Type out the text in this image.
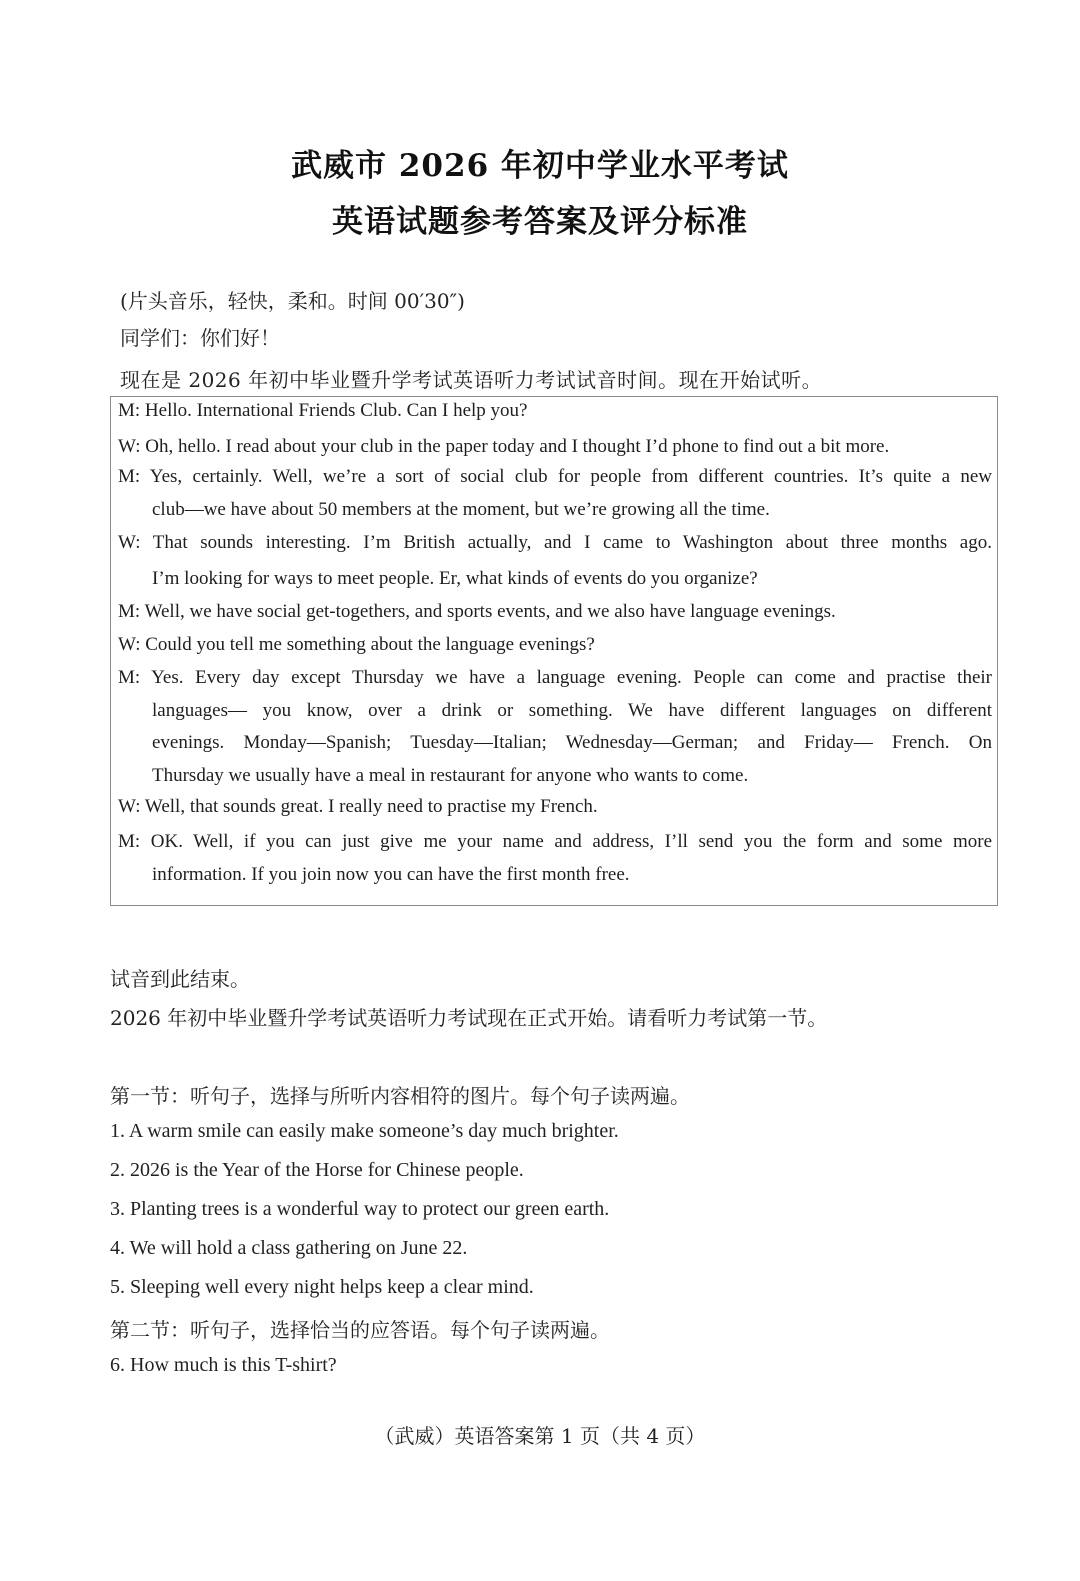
武威市 2026 年初中学业水平考试
英语试题参考答案及评分标准
(片头音乐，轻快，柔和。时间 00′30″)
同学们：你们好！
现在是 2026 年初中毕业暨升学考试英语听力考试试音时间。现在开始试听。
M: Hello. International Friends Club. Can I help you?
W: Oh, hello. I read about your club in the paper today and I thought I’d phone to find out a bit more.
M: Yes, certainly. Well, we’re a sort of social club for people from different countries. It’s quite a new
club—we have about 50 members at the moment, but we’re growing all the time.
W: That sounds interesting. I’m British actually, and I came to Washington about three months ago.
I’m looking for ways to meet people. Er, what kinds of events do you organize?
M: Well, we have social get-togethers, and sports events, and we also have language evenings.
W: Could you tell me something about the language evenings?
M: Yes. Every day except Thursday we have a language evening. People can come and practise their
languages— you know, over a drink or something. We have different languages on different
evenings. Monday—Spanish; Tuesday—Italian; Wednesday—German; and Friday— French. On
Thursday we usually have a meal in restaurant for anyone who wants to come.
W: Well, that sounds great. I really need to practise my French.
M: OK. Well, if you can just give me your name and address, I’ll send you the form and some more
information. If you join now you can have the first month free.
试音到此结束。
2026 年初中毕业暨升学考试英语听力考试现在正式开始。请看听力考试第一节。
第一节：听句子，选择与所听内容相符的图片。每个句子读两遍。
1. A warm smile can easily make someone’s day much brighter.
2. 2026 is the Year of the Horse for Chinese people.
3. Planting trees is a wonderful way to protect our green earth.
4. We will hold a class gathering on June 22.
5. Sleeping well every night helps keep a clear mind.
第二节：听句子，选择恰当的应答语。每个句子读两遍。
6. How much is this T-shirt?
（武威）英语答案第 1 页（共 4 页）
